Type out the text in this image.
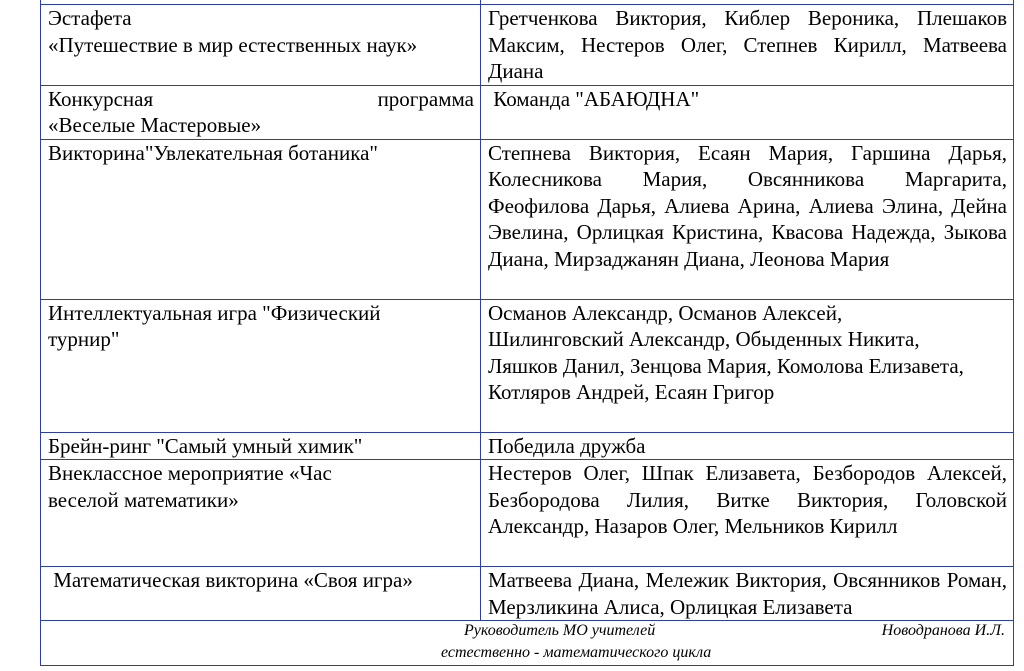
Эстафета
«Путешествие в мир естественных наук»	Гретченкова Виктория, Киблер Вероника, Плешаков Максим, Нестеров Олег, Степнев Кирилл, Матвеева Диана

Конкурсная программа
«Веселые Мастеровые»	Команда "АБАЮДНА"

Викторина"Увлекательная ботаника"	Степнева Виктория, Есаян Мария, Гаршина Дарья, Колесникова Мария, Овсянникова Маргарита, Феофилова Дарья, Алиева Арина, Алиева Элина, Дейна Эвелина, Орлицкая Кристина, Квасова Надежда, Зыкова Диана, Мирзаджанян Диана, Леонова Мария

Интеллектуальная игра "Физический
турнир"	Османов Александр, Османов Алексей,
Шилинговский Александр, Обыденных Никита,
Ляшков Данил, Зенцова Мария, Комолова Елизавета,
Котляров Андрей, Есаян Григор

Брейн-ринг "Самый умный химик"	Победила дружба

Внеклассное мероприятие «Час
веселой математики»	Нестеров Олег, Шпак Елизавета, Безбородов Алексей, Безбородова Лилия, Витке Виктория, Головской Александр, Назаров Олег, Мельников Кирилл

Математическая викторина «Своя игра»	Матвеева Диана, Мележик Виктория, Овсянников Роман, Мерзликина Алиса, Орлицкая Елизавета

Руководитель МО учителей Новодранова И.Л.
естественно - математического цикла	
